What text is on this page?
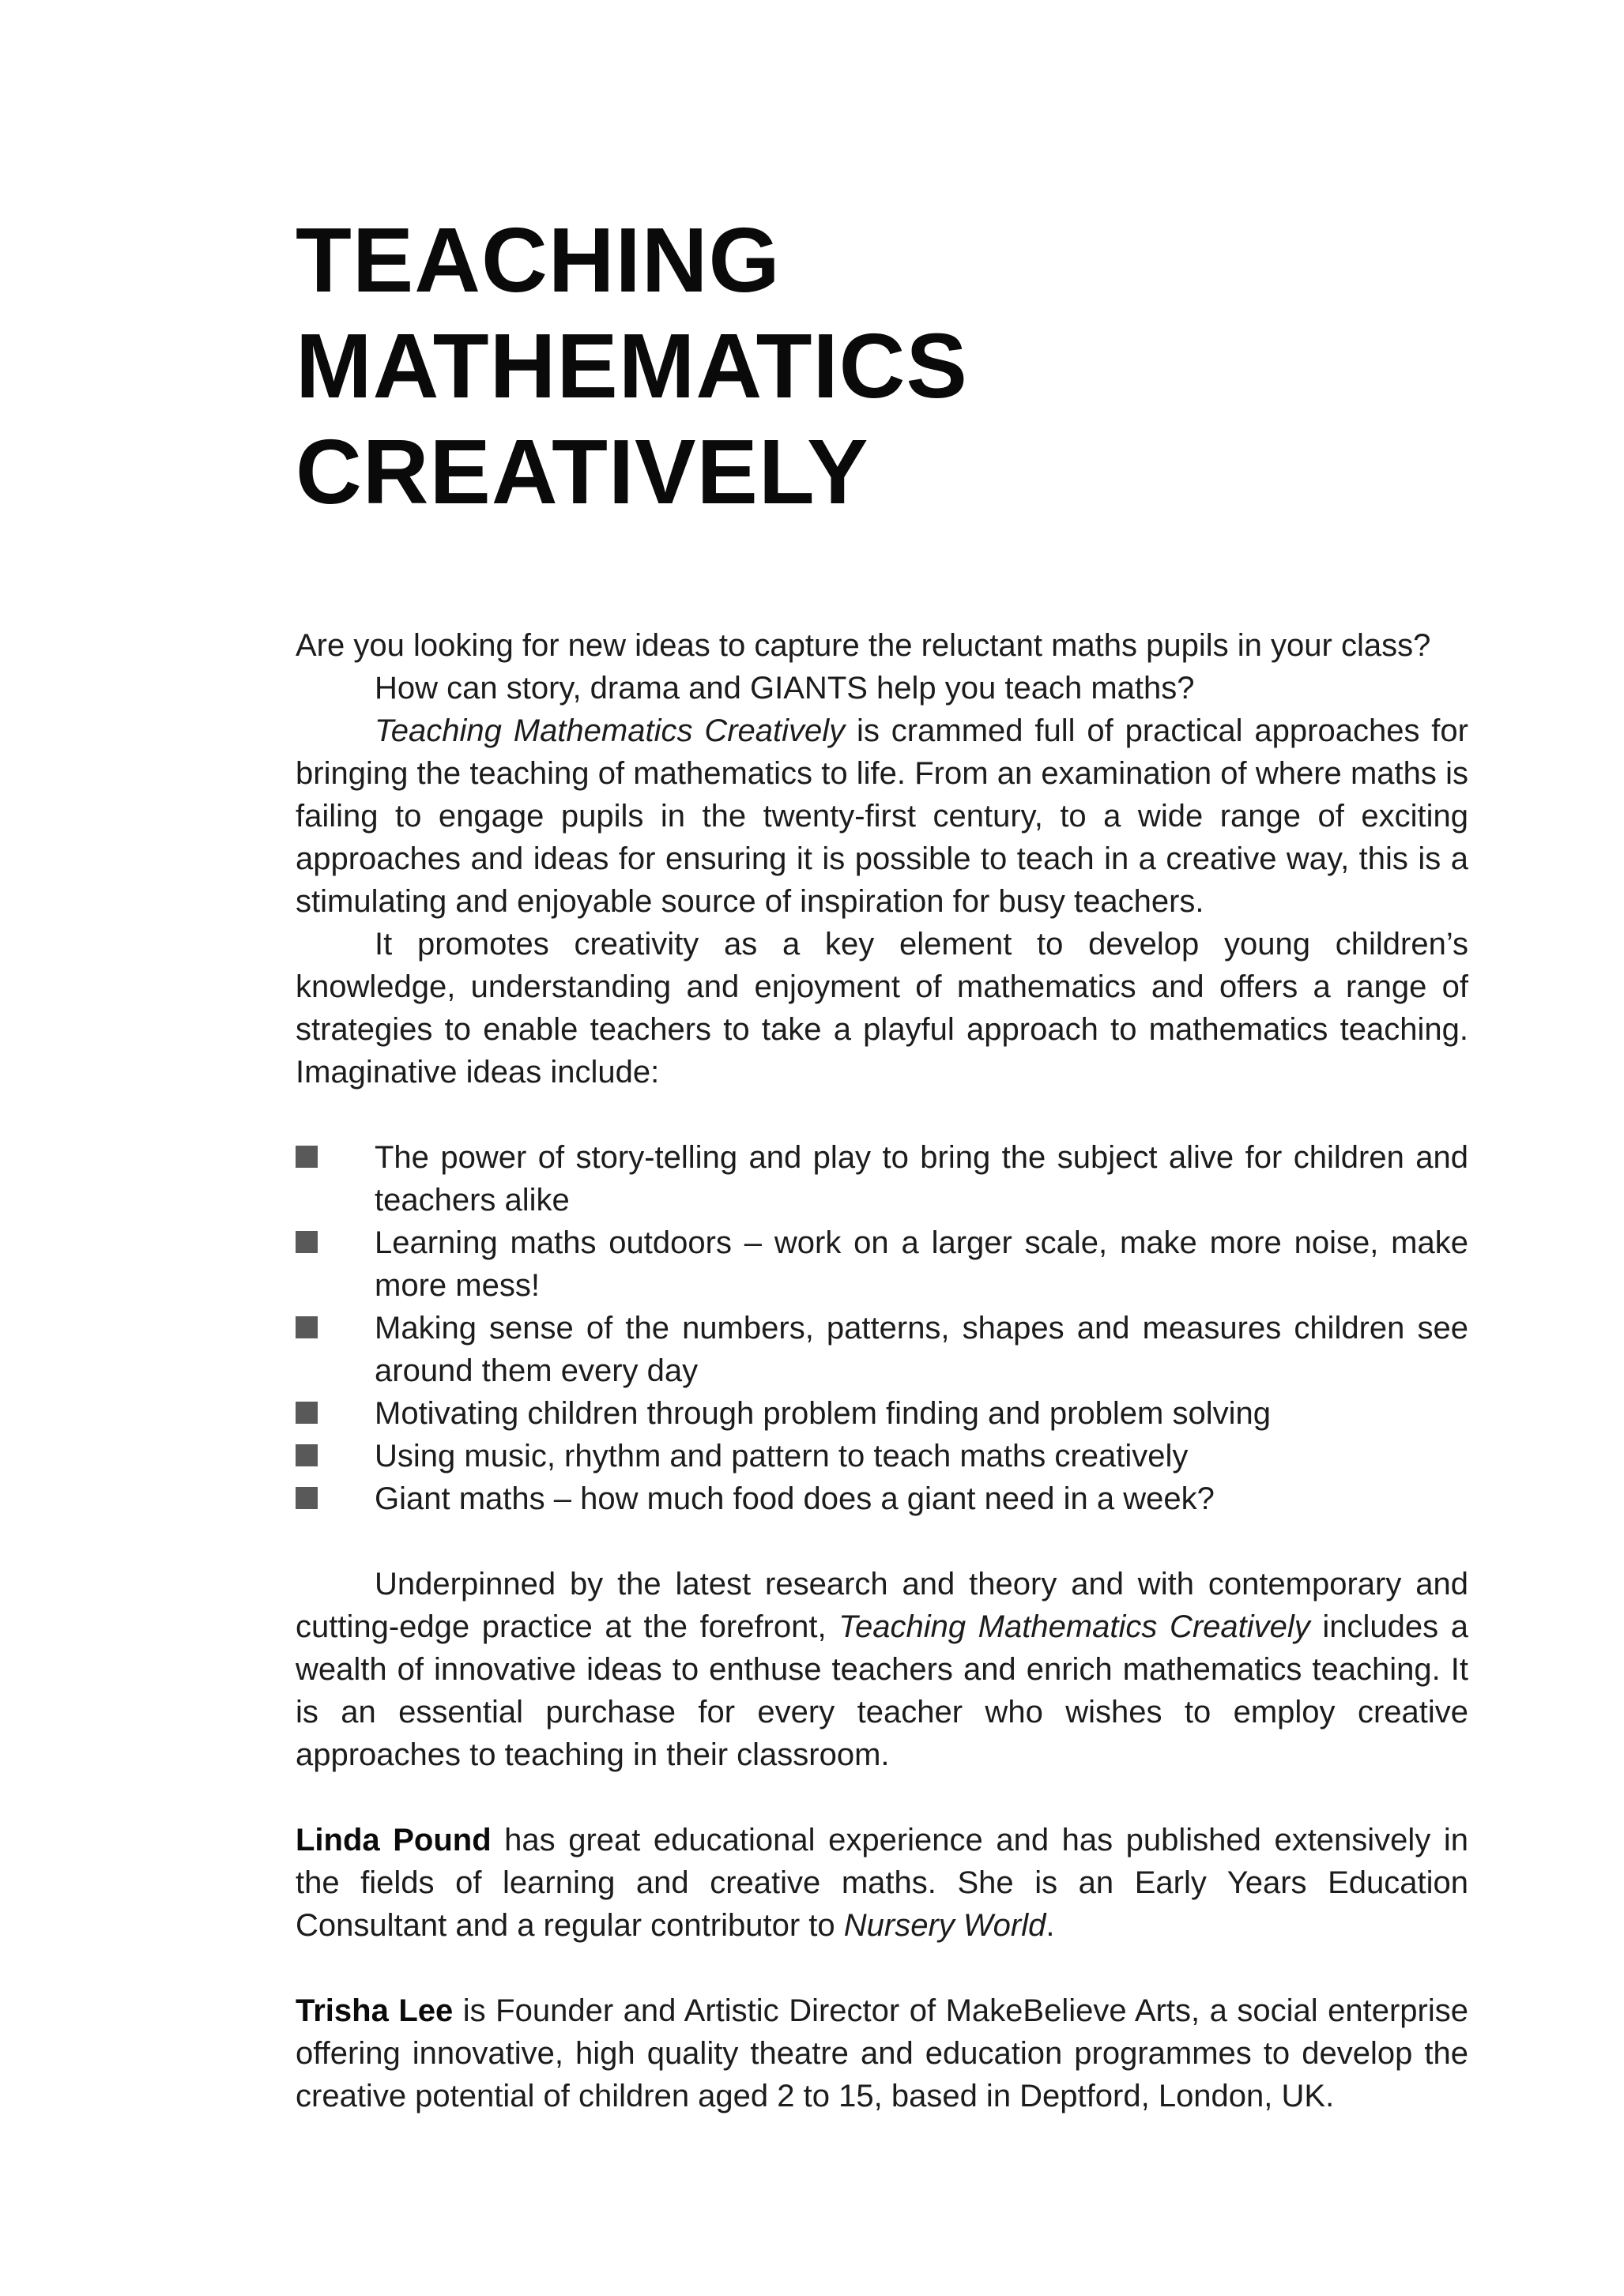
TEACHING MATHEMATICS
CREATIVELY

Are you looking for new ideas to capture the reluctant maths pupils in your class?

How can story, drama and GIANTS help you teach maths?

Teaching Mathematics Creatively is crammed full of practical approaches for bringing the teaching of mathematics to life. From an examination of where maths is failing to engage pupils in the twenty-first century, to a wide range of exciting approaches and ideas for ensuring it is possible to teach in a creative way, this is a stimulating and enjoyable source of inspiration for busy teachers.

It promotes creativity as a key element to develop young children’s knowledge, understanding and enjoyment of mathematics and offers a range of strategies to enable teachers to take a playful approach to mathematics teaching. Imaginative ideas include:

The power of story-telling and play to bring the subject alive for children and teachers alike
Learning maths outdoors – work on a larger scale, make more noise, make more mess!
Making sense of the numbers, patterns, shapes and measures children see around them every day
Motivating children through problem finding and problem solving
Using music, rhythm and pattern to teach maths creatively
Giant maths – how much food does a giant need in a week?

Underpinned by the latest research and theory and with contemporary and cutting-edge practice at the forefront, Teaching Mathematics Creatively includes a wealth of innovative ideas to enthuse teachers and enrich mathematics teaching. It is an essential purchase for every teacher who wishes to employ creative approaches to teaching in their classroom.

Linda Pound has great educational experience and has published extensively in the fields of learning and creative maths. She is an Early Years Education Consultant and a regular contributor to Nursery World.

Trisha Lee is Founder and Artistic Director of MakeBelieve Arts, a social enterprise offering innovative, high quality theatre and education programmes to develop the creative potential of children aged 2 to 15, based in Deptford, London, UK.
